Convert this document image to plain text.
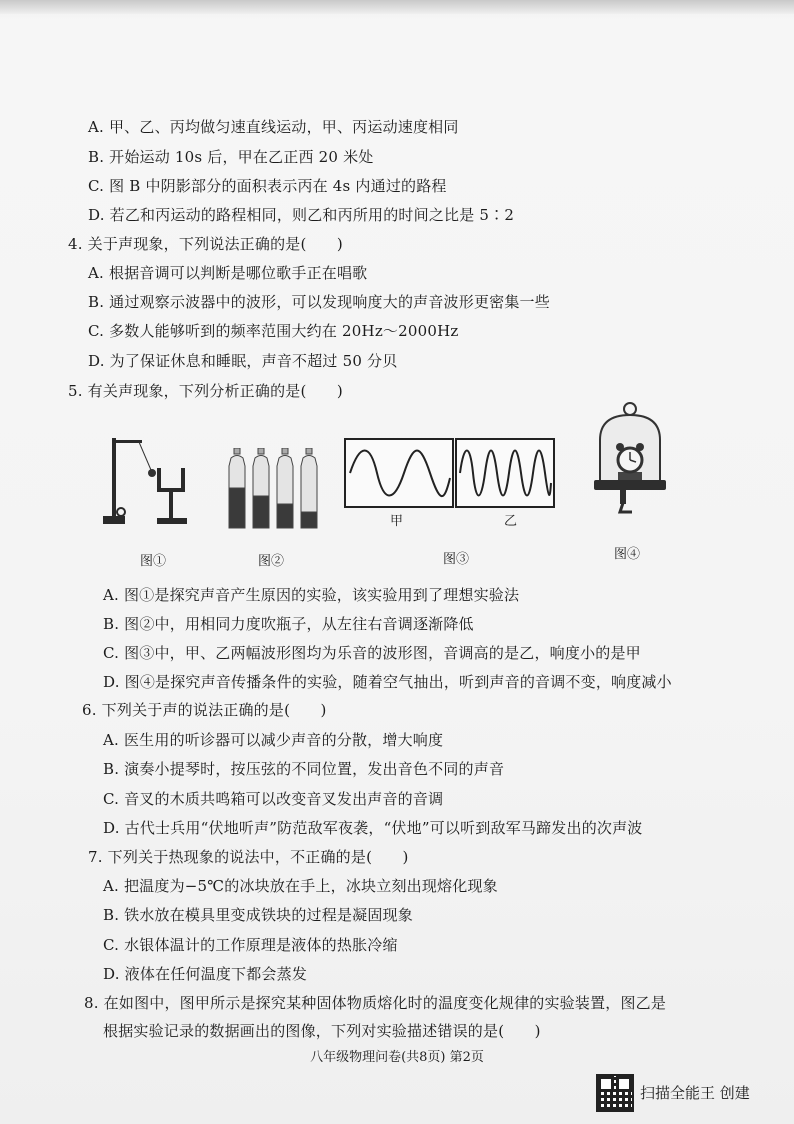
A. 甲、乙、丙均做匀速直线运动，甲、丙运动速度相同
B. 开始运动 10s 后，甲在乙正西 20 米处
C. 图 B 中阴影部分的面积表示丙在 4s 内通过的路程
D. 若乙和丙运动的路程相同，则乙和丙所用的时间之比是 5∶2
4. 关于声现象，下列说法正确的是(　　)
A. 根据音调可以判断是哪位歌手正在唱歌
B. 通过观察示波器中的波形，可以发现响度大的声音波形更密集一些
C. 多数人能够听到的频率范围大约在 20Hz～2000Hz
D. 为了保证休息和睡眠，声音不超过 50 分贝
5. 有关声现象，下列分析正确的是(　　)
图①	图②
甲	乙
图③	图④
A. 图①是探究声音产生原因的实验，该实验用到了理想实验法
B. 图②中，用相同力度吹瓶子，从左往右音调逐渐降低
C. 图③中，甲、乙两幅波形图均为乐音的波形图，音调高的是乙，响度小的是甲
D. 图④是探究声音传播条件的实验，随着空气抽出，听到声音的音调不变，响度减小
6. 下列关于声的说法正确的是(　　)
A. 医生用的听诊器可以减少声音的分散，增大响度
B. 演奏小提琴时，按压弦的不同位置，发出音色不同的声音
C. 音叉的木质共鸣箱可以改变音叉发出声音的音调
D. 古代士兵用“伏地听声”防范敌军夜袭，“伏地”可以听到敌军马蹄发出的次声波
7. 下列关于热现象的说法中，不正确的是(　　)
A. 把温度为−5℃的冰块放在手上，冰块立刻出现熔化现象
B. 铁水放在模具里变成铁块的过程是凝固现象
C. 水银体温计的工作原理是液体的热胀冷缩
D. 液体在任何温度下都会蒸发
8. 在如图中，图甲所示是探究某种固体物质熔化时的温度变化规律的实验装置，图乙是
根据实验记录的数据画出的图像，下列对实验描述错误的是(　　)
八年级物理问卷(共8页) 第2页
扫描全能王 创建
